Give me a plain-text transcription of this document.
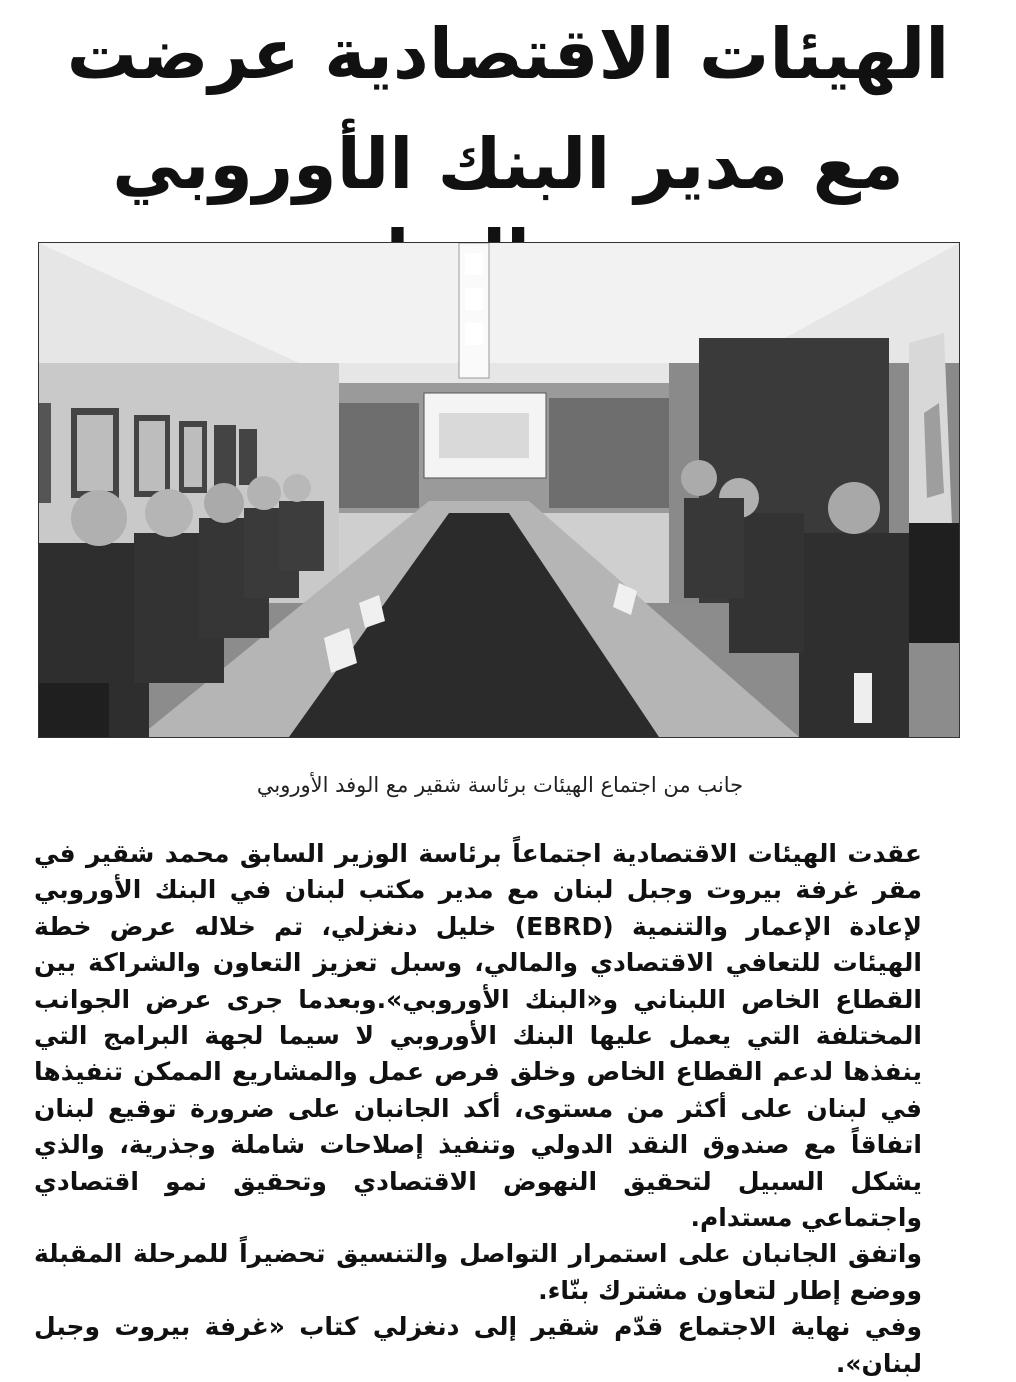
الهيئات الاقتصادية عرضت
مع مدير البنك الأوروبي
جانب من اجتماع الهيئات برئاسة شقير مع الوفد الأوروبي

عقدت الهيئات الاقتصادية اجتماعاً برئاسة الوزير السابق محمد شقير في مقر غرفة بيروت وجبل لبنان مع مدير مكتب لبنان في البنك الأوروبي لإعادة الإعمار والتنمية (EBRD) خليل دنغزلي، تم خلاله عرض خطة الهيئات للتعافي الاقتصادي والمالي، وسبل تعزيز التعاون والشراكة بين القطاع الخاص اللبناني و«البنك الأوروبي».وبعدما جرى عرض الجوانب المختلفة التي يعمل عليها البنك الأوروبي لا سيما لجهة البرامج التي ينفذها لدعم القطاع الخاص وخلق فرص عمل والمشاريع الممكن تنفيذها في لبنان على أكثر من مستوى، أكد الجانبان على ضرورة توقيع لبنان اتفاقاً مع صندوق النقد الدولي وتنفيذ إصلاحات شاملة وجذرية، والذي يشكل السبيل لتحقيق النهوض الاقتصادي وتحقيق نمو اقتصادي واجتماعي مستدام.

واتفق الجانبان على استمرار التواصل والتنسيق تحضيراً للمرحلة المقبلة ووضع إطار لتعاون مشترك بنّاء.

وفي نهاية الاجتماع قدّم شقير إلى دنغزلي كتاب «غرفة بيروت وجبل لبنان».
